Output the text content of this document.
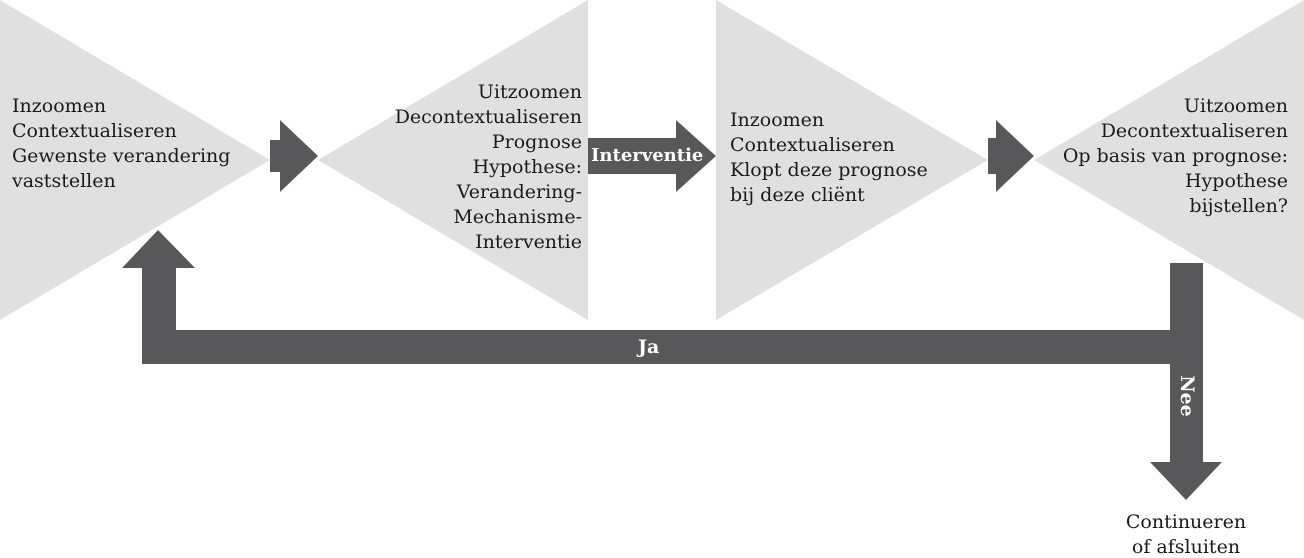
Inzoomen
Contextualiseren
Gewenste verandering
vaststellen
Uitzoomen
Decontextualiseren
Prognose
Hypothese:
Verandering-
Mechanisme-
Interventie
Inzoomen
Contextualiseren
Klopt deze prognose
bij deze cliënt
Uitzoomen
Decontextualiseren
Op basis van prognose:
Hypothese
bijstellen?
Interventie
Ja
Nee
Continueren
of afsluiten
